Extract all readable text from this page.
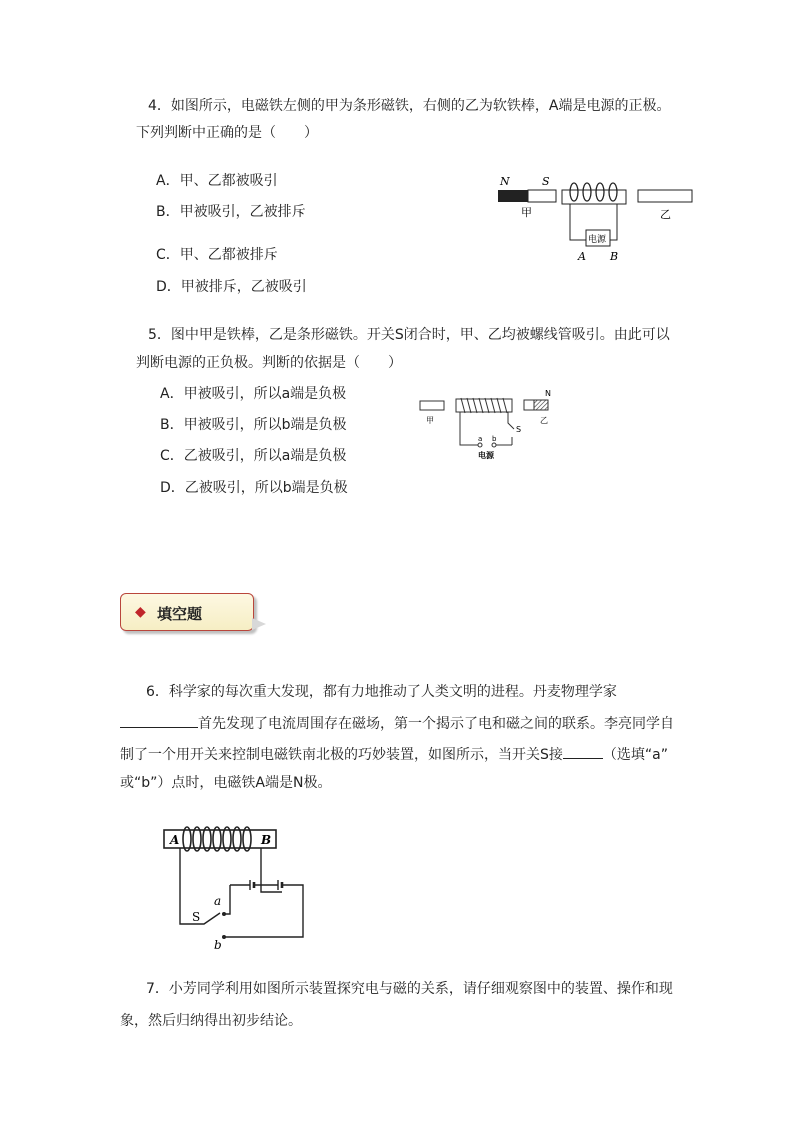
4．如图所示，电磁铁左侧的甲为条形磁铁，右侧的乙为软铁棒，A端是电源的正极。
下列判断中正确的是（　　）
A．甲、乙都被吸引
B．甲被吸引，乙被排斥
C．甲、乙都被排斥
D．甲被排斥，乙被吸引
N	S
甲
电源
A B
乙
5．图中甲是铁棒，乙是条形磁铁。开关S闭合时，甲、乙均被螺线管吸引。由此可以
判断电源的正负极。判断的依据是（　　）
A．甲被吸引，所以a端是负极
B．甲被吸引，所以b端是负极
C．乙被吸引，所以a端是负极
D．乙被吸引，所以b端是负极
甲
N
乙
a b
S
电源
◆ 填空题
6．科学家的每次重大发现，都有力地推动了人类文明的进程。丹麦物理学家
首先发现了电流周围存在磁场，第一个揭示了电和磁之间的联系。李亮同学自
制了一个用开关来控制电磁铁南北极的巧妙装置，如图所示，当开关S接	（选填“a”
或“b”）点时，电磁铁A端是N极。
A	B
a
b
S
7．小芳同学利用如图所示装置探究电与磁的关系，请仔细观察图中的装置、操作和现
象，然后归纳得出初步结论。
